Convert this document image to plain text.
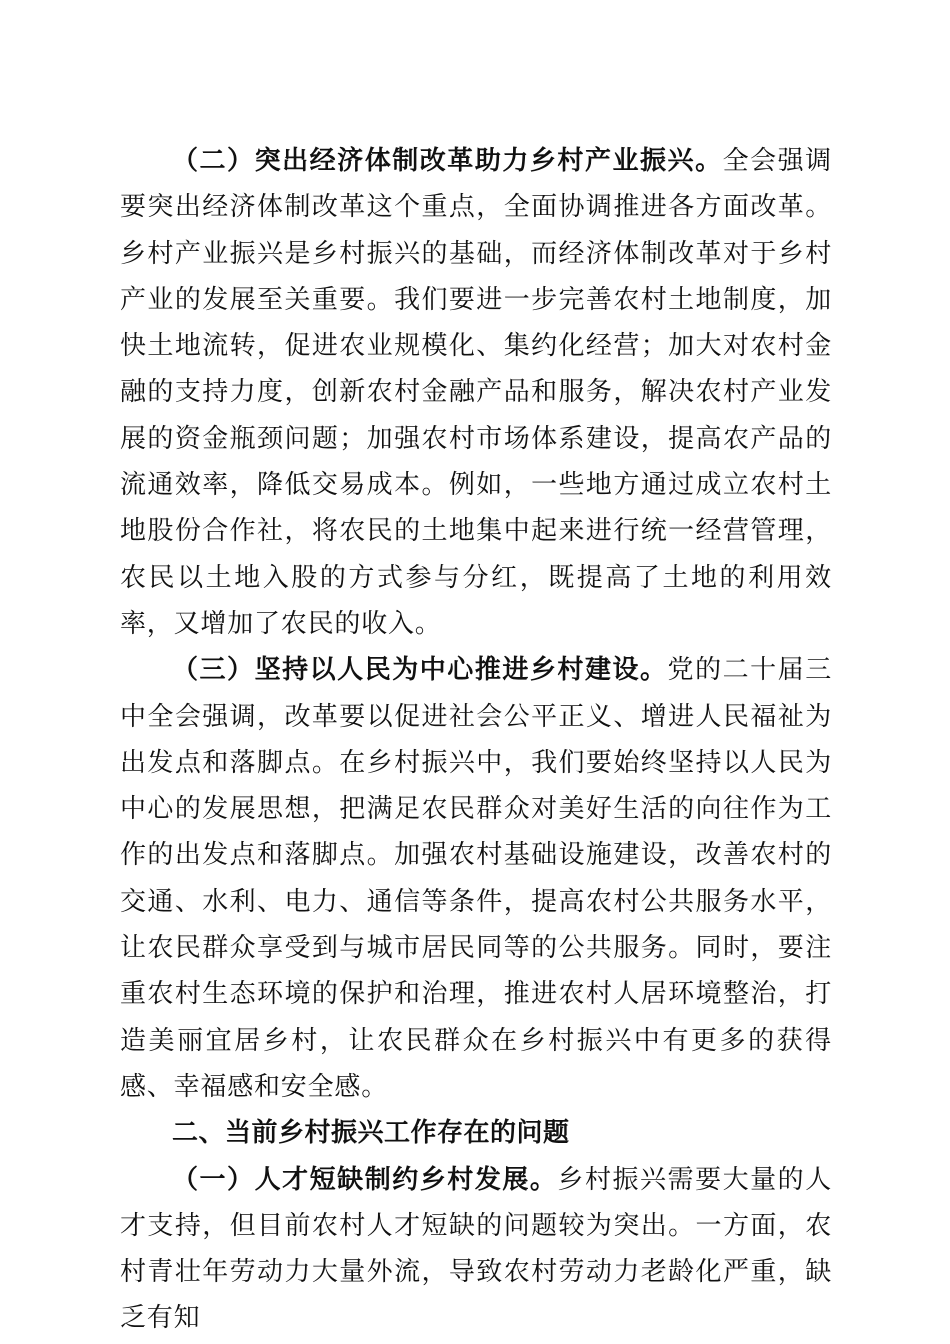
（二）突出经济体制改革助力乡村产业振兴。全会强调要突出经济体制改革这个重点，全面协调推进各方面改革。乡村产业振兴是乡村振兴的基础，而经济体制改革对于乡村产业的发展至关重要。我们要进一步完善农村土地制度，加快土地流转，促进农业规模化、集约化经营；加大对农村金融的支持力度，创新农村金融产品和服务，解决农村产业发展的资金瓶颈问题；加强农村市场体系建设，提高农产品的流通效率，降低交易成本。例如，一些地方通过成立农村土地股份合作社，将农民的土地集中起来进行统一经营管理，农民以土地入股的方式参与分红，既提高了土地的利用效率，又增加了农民的收入。

（三）坚持以人民为中心推进乡村建设。党的二十届三中全会强调，改革要以促进社会公平正义、增进人民福祉为出发点和落脚点。在乡村振兴中，我们要始终坚持以人民为中心的发展思想，把满足农民群众对美好生活的向往作为工作的出发点和落脚点。加强农村基础设施建设，改善农村的交通、水利、电力、通信等条件，提高农村公共服务水平，让农民群众享受到与城市居民同等的公共服务。同时，要注重农村生态环境的保护和治理，推进农村人居环境整治，打造美丽宜居乡村，让农民群众在乡村振兴中有更多的获得感、幸福感和安全感。

二、当前乡村振兴工作存在的问题

（一）人才短缺制约乡村发展。乡村振兴需要大量的人才支持，但目前农村人才短缺的问题较为突出。一方面，农村青壮年劳动力大量外流，导致农村劳动力老龄化严重，缺乏有知
